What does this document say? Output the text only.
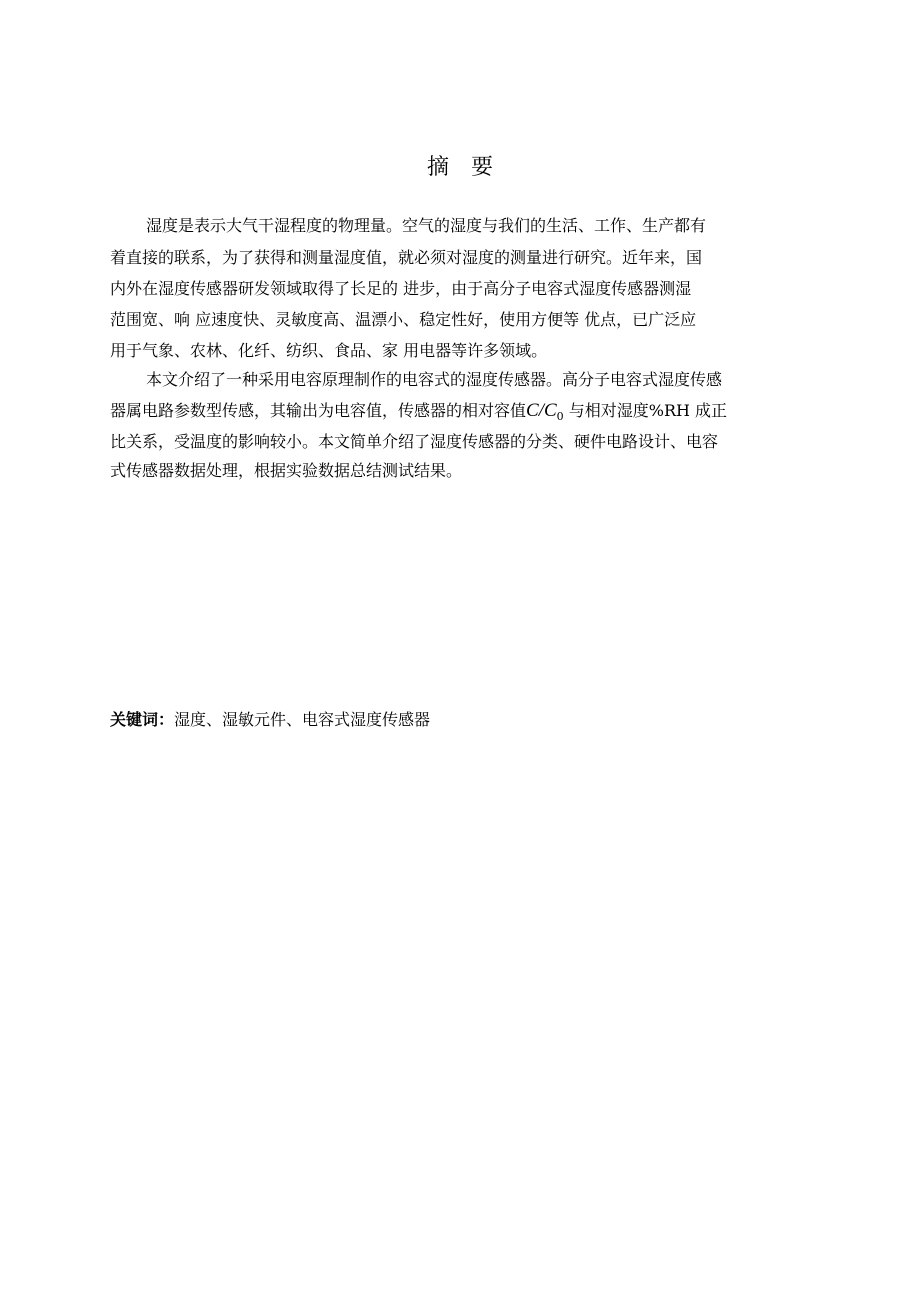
摘 要
湿度是表示大气干湿程度的物理量。空气的湿度与我们的生活、工作、生产都有
着直接的联系，为了获得和测量湿度值，就必须对湿度的测量进行研究。近年来，国
内外在湿度传感器研发领域取得了长足的 进步，由于高分子电容式湿度传感器测湿
范围宽、响 应速度快、灵敏度高、温漂小、稳定性好，使用方便等 优点，已广泛应
用于气象、农林、化纤、纺织、食品、家 用电器等许多领域。
本文介绍了一种采用电容原理制作的电容式的湿度传感器。高分子电容式湿度传感
器属电路参数型传感，其输出为电容值，传感器的相对容值$C/C_0$ 与相对湿度%RH 成正
比关系，受温度的影响较小。本文简单介绍了湿度传感器的分类、硬件电路设计、电容
式传感器数据处理，根据实验数据总结测试结果。
关键词：湿度、湿敏元件、电容式湿度传感器
